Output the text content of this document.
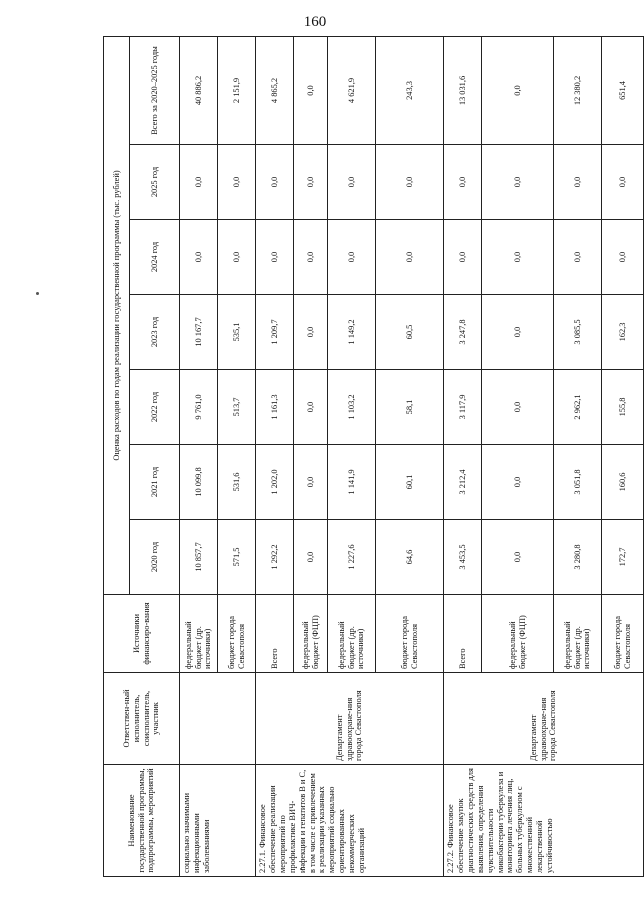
160
Наименование государственной программы, подпрограммы, мероприятий	Ответствен-ный исполнитель, соисполнитель, участник	Источники финансиро-вания	Оценка расходов по годам реализации государственной программы (тыс. рублей)						
			2020 год	2021 год	2022 год	2023 год	2024 год	2025 год	Всего за 2020–2025 годы
социально значимыми инфекционными заболеваниями		федеральный бюджет (др. источники)	10 857,7	10 099,8	9 761,0	10 167,7	0,0	0,0	40 886,2
		бюджет города Севастополя	571,5	531,6	513,7	535,1	0,0	0,0	2 151,9
2.27.1. Финансовое обеспечение реализации мероприятий по профилактике ВИЧ-инфекции и гепатитов В и С, в том числе с привлечением к реализации указанных мероприятий социально ориентированных некоммерческих организаций	Департамент здравоохране-ния города Севастополя	Всего	1 292,2	1 202,0	1 161,3	1 209,7	0,0	0,0	4 865,2
		федеральный бюджет (ФЦП)	0,0	0,0	0,0	0,0	0,0	0,0	0,0
		федеральный бюджет (др. источники)	1 227,6	1 141,9	1 103,2	1 149,2	0,0	0,0	4 621,9
		бюджет города Севастополя	64,6	60,1	58,1	60,5	0,0	0,0	243,3
2.27.2. Финансовое обеспечение закупок диагностических средств для выявления, определения чувствительности микобактерии туберкулеза и мониторинга лечения лиц, больных туберкулезом с множественной лекарственной устойчивостью	Департамент здравоохране-ния города Севастополя	Всего	3 453,5	3 212,4	3 117,9	3 247,8	0,0	0,0	13 031,6
		федеральный бюджет (ФЦП)	0,0	0,0	0,0	0,0	0,0	0,0	0,0
		федеральный бюджет (др. источники)	3 280,8	3 051,8	2 962,1	3 085,5	0,0	0,0	12 380,2
		бюджет города Севастополя	172,7	160,6	155,8	162,3	0,0	0,0	651,4
